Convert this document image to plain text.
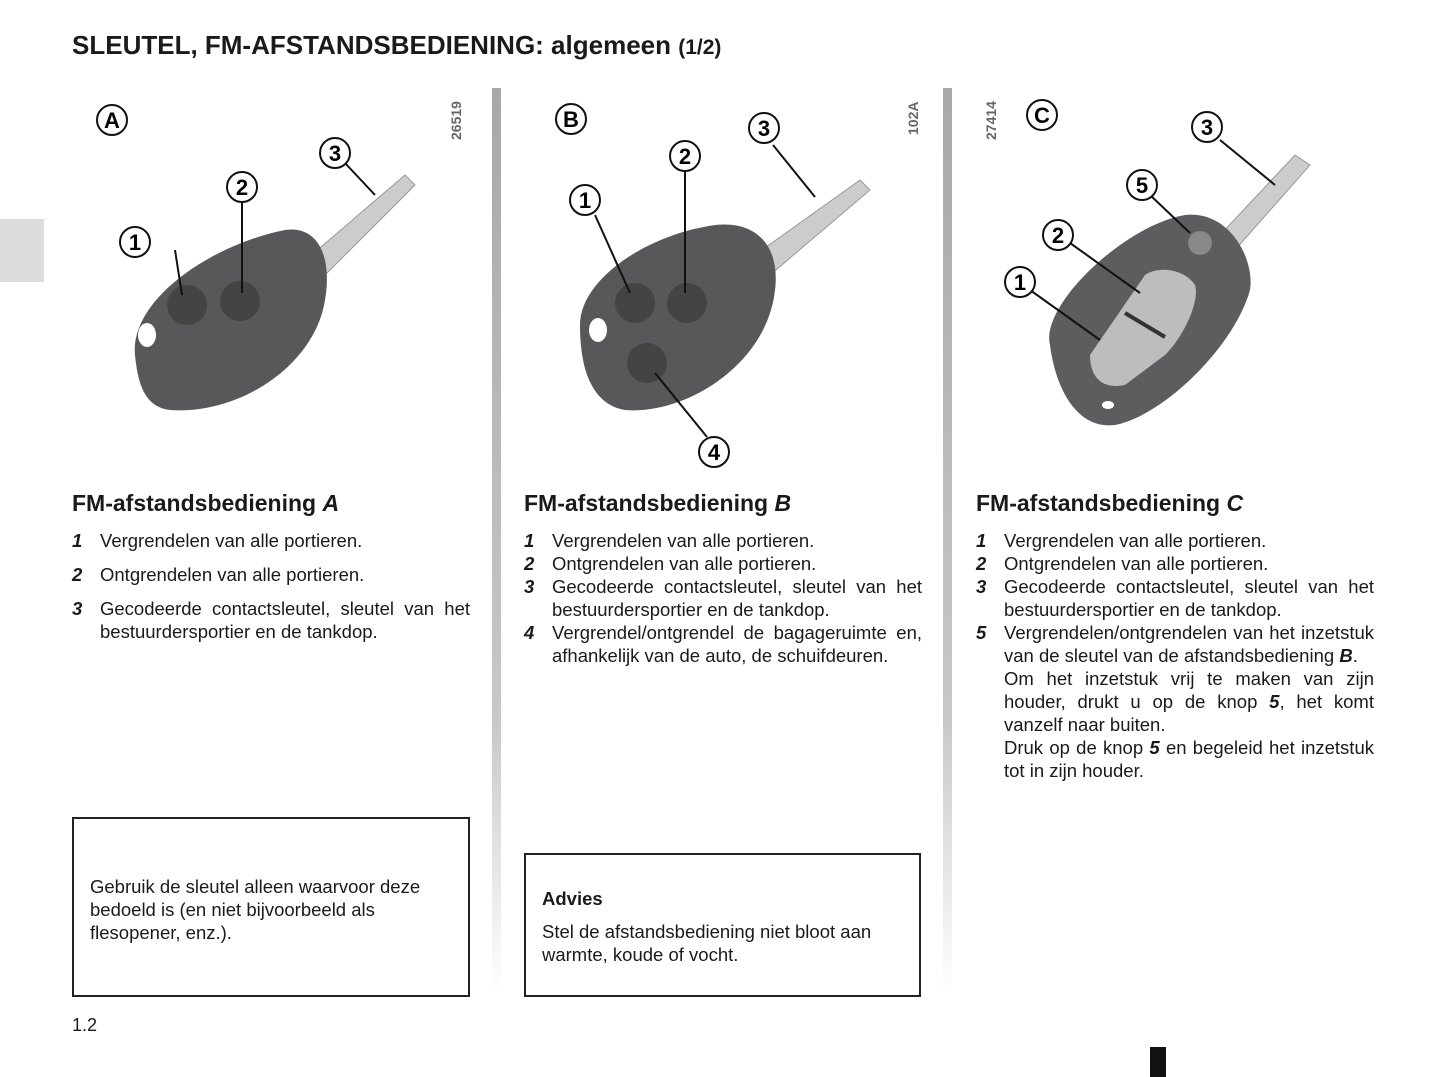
SLEUTEL, FM-AFSTANDSBEDIENING: algemeen (1/2)
A
1
2
3
26519	B
1
2
3
4
102A	C
1
2
3
5
27414
FM-afstandsbediening A
1 Vergrendelen van alle portieren.
2 Ontgrendelen van alle portieren.
3 Gecodeerde contactsleutel, sleutel van het bestuurdersportier en de tankdop.
FM-afstandsbediening B
1 Vergrendelen van alle portieren.
2 Ontgrendelen van alle portieren.
3 Gecodeerde contactsleutel, sleutel van het bestuurdersportier en de tankdop.
4 Vergrendel/ontgrendel de bagageruimte en, afhankelijk van de auto, de schuifdeuren.
FM-afstandsbediening C
1 Vergrendelen van alle portieren.
2 Ontgrendelen van alle portieren.
3 Gecodeerde contactsleutel, sleutel van het bestuurdersportier en de tankdop.
5 Vergrendelen/ontgrendelen van het inzetstuk van de sleutel van de afstandsbediening B.
Om het inzetstuk vrij te maken van zijn houder, drukt u op de knop 5, het komt vanzelf naar buiten.
Druk op de knop 5 en begeleid het inzetstuk tot in zijn houder.
Gebruik de sleutel alleen waarvoor deze bedoeld is (en niet bijvoorbeeld als flesopener, enz.).
Advies
Stel de afstandsbediening niet bloot aan warmte, koude of vocht.
1.2
